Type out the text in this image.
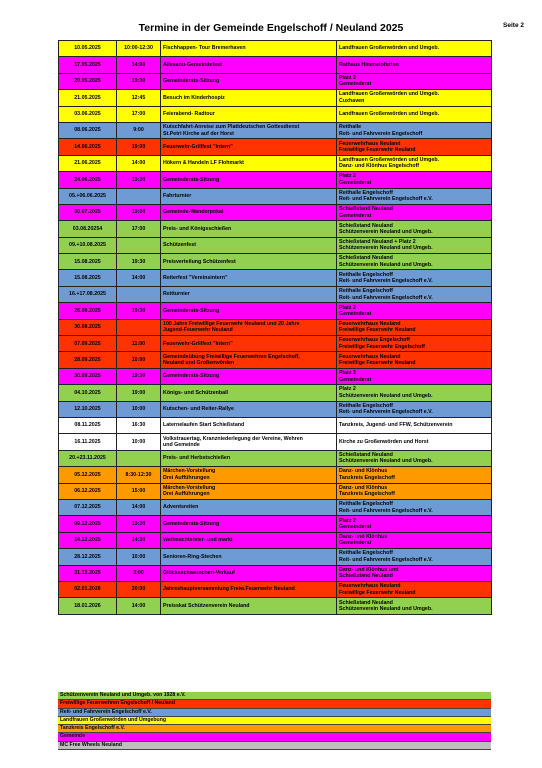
Termine in der Gemeinde Engelschoff / Neuland 2025	Seite 2
10.05.2025	10:00-12:30	Fischhappen- Tour Bremerhaven	Landfrauen Großenwörden und Umgeb.
17.05.2025	14:00	Allesanu-Gemeindefest	Rathaus Himmelpforten
20.05.2025	19:30	Gemeinderats-Sitzung	Platz 2
Gemeinderat
21.05.2025	12:45	Besuch im Kinderhospiz	Landfrauen Großenwörden und Umgeb.
Cuxhaven
03.06.2025	17:00	Feierabend- Radtour	Landfrauen Großenwörden und Umgeb.
08.06.2025	9:00	Kutschfahrt-Anreise zum Plattdeutschen Gottesdienst
St.Petri Kirche auf der Horst	Reithalle
Reit- und Fahrverein Engelschoff
14.06.2025	19:00	Feuerwehr-Grillfest "Intern"	Feuerwehrhaus Neuland
Freiwillige Feuerwehr Neuland
21.06.2025	14:00	Hökern & Handeln LF Flohmarkt	Landfrauen Großenwörden und Umgeb.
Danz- und Klönhus Engelschoff
24.06.2025	19:30	Gemeinderats-Sitzung	Platz 2
Gemeinderat
05.+06.06.2025		Fahrturnier	Reithalle Engelschoff
Reit- und Fahrverein Engelschoff e.V.
30.07.2025	19:00	Gemeinde-Wanderpokal	Schießstand Neuland
Gemeinderat
03.08.20254	17:00	Preis- und Königsschießen	Schießstand Neuland
Schützenverein Neuland und Umgeb.
09.+10.08.2025		Schützenfest	Schießstand Neuland + Platz 2
Schützenverein Neuland und Umgeb.
15.08.2025	19:30	Preisverteilung Schützenfest	Schießstand Neuland
Schützenverein Neuland und Umgeb.
15.08.2025	14:00	Reiterfest "Vereinsintern"	Reithalle Engelschoff
Reit- und Fahrverein Engelschoff e.V.
16.+17.08.2025		Reitturnier	Reithalle Engelschoff
Reit- und Fahrverein Engelschoff e.V.
26.08.2025	19:30	Gemeinderats-Sitzung	Platz 2
Gemeinderat
30.08.2025		100 Jahre Freiwillige Feuerwehr Neuland und 20 Jahre
Jugend-Feuerwehr Neuland	Feuerwehrhaus Neuland
Freiwillige Feuerwehr Neuland
07.09.2025	11:00	Feuerwehr-Grillfest "Intern"	Feuerwehrhaus Engelschoff
Freiwillige Feuerwehr Engelschoff
28.09.2025	10:00	Gemeindeübung Freiwillige Feuerwehren Engelschoff,
Neuland und Großenwörden	Feuerwehrhaus Neuland
Freiwillige Feuerwehr Neuland
30.09.2025	19:30	Gemeinderats-Sitzung	Platz 2
Gemeinderat
04.10.2025	19:00	Königs- und Schützenball	Platz 2
Schützenverein Neuland und Umgeb.
12.10.2025	10:00	Kutschen- und Reiter-Rallye	Reithalle Engelschoff
Reit- und Fahrverein Engelschoff e.V.
08.11.2025	16:30	Laternelaufen Start Schießstand	Tanzkreis, Jugend- und FFW, Schützenverein
16.11.2025	10:00	Volkstrauertag, Kranzniederlegung der Vereine, Wehren
und Gemeinde	Kirche zu Großenwörden und Horst
20.+23.11.2025		Preis- und Herbstschießen	Schießstand Neuland
Schützenverein Neuland und Umgeb.
05.12.2025	8:30-12:30	Märchen-Vorstellung
Drei Aufführungen	Danz- und Klönhus
Tanzkreis Engelschoff
06.12.2025	15:00	Märchen-Vorstellung
Drei Aufführungen	Danz- und Klönhus
Tanzkreis Engelschoff
07.12.2025	14:00	Adventsreiten	Reithalle Engelschoff
Reit- und Fahrverein Engelschoff e.V.
09.12.2025	19:30	Gemeinderats-Sitzung	Platz 2
Gemeinderat
14.12.2025	14:30	Weihnachtsfeier- und markt	Danz- und Klönhus
Gemeinderat
28.12.2025	10:00	Senioren-Ring-Stechen	Reithalle Engelschoff
Reit- und Fahrverein Engelschoff e.V.
31.12.2025	3:00	Glücksschweinchen-Verkauf	Danz- und Klönhus und
Schießstand Neuland
02.01.2026	20:00	Jahreshauptversammlung Freiw.Feuerwehr Neuland	Feuerwehrhaus Neuland
Freiwillige Feuerwehr Neuland
18.01.2026	14:00	Preisskat Schützenverein Neuland	Schießstand Neuland
Schützenverein Neuland und Umgeb.
Schützenverein Neuland und Umgeb. von 1928 e.V.
Freiwillige Feuerwehren Engelschoff / Neuland
Reit- und Fahrverein Engelschoff e.V.
Landfrauen Großenwörden und Umgebung
Tanzkreis Engelschoff e.V.
Gemeinde
MC Free Wheels Neuland
